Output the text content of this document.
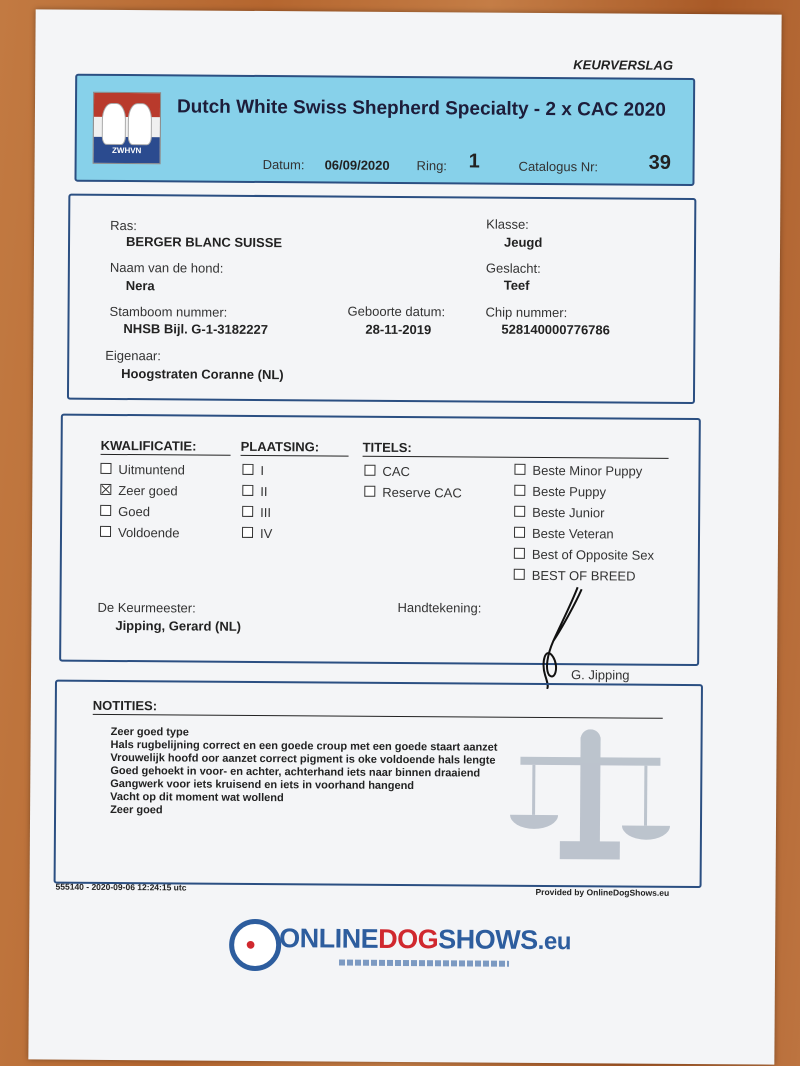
KEURVERSLAG
ZWHVN
Dutch White Swiss Shepherd Specialty - 2 x CAC 2020
Datum: 06/09/2020 Ring: 1	Catalogus Nr:	39
Ras:
BERGER BLANC SUISSE
Klasse:
Jeugd
Naam van de hond:
Nera
Geslacht:
Teef
Stamboom nummer:
NHSB Bijl. G-1-3182227
Geboorte datum:
28-11-2019
Chip nummer:
528140000776786
Eigenaar:
Hoogstraten Coranne (NL)
KWALIFICATIE:	PLAATSING:	TITELS:
Uitmuntend
Zeer goed
Goed
Voldoende
I
II
III
IV
CAC
Reserve CAC
Beste Minor Puppy
Beste Puppy
Beste Junior
Beste Veteran
Best of Opposite Sex
BEST OF BREED
De Keurmeester:
Jipping, Gerard (NL)
Handtekening:
G. Jipping
NOTITIES:
Zeer goed type
Hals rugbelijning correct en een goede croup met een goede staart aanzet
Vrouwelijk hoofd oor aanzet correct pigment is oke voldoende hals lengte
Goed gehoekt in voor- en achter, achterhand iets naar binnen draaiend
Gangwerk voor iets kruisend en iets in voorhand hangend
Vacht op dit moment wat wollend
Zeer goed
555140 - 2020-09-06 12:24:15 utc	Provided by OnlineDogShows.eu
● ONLINEDOGSHOWS.eu
